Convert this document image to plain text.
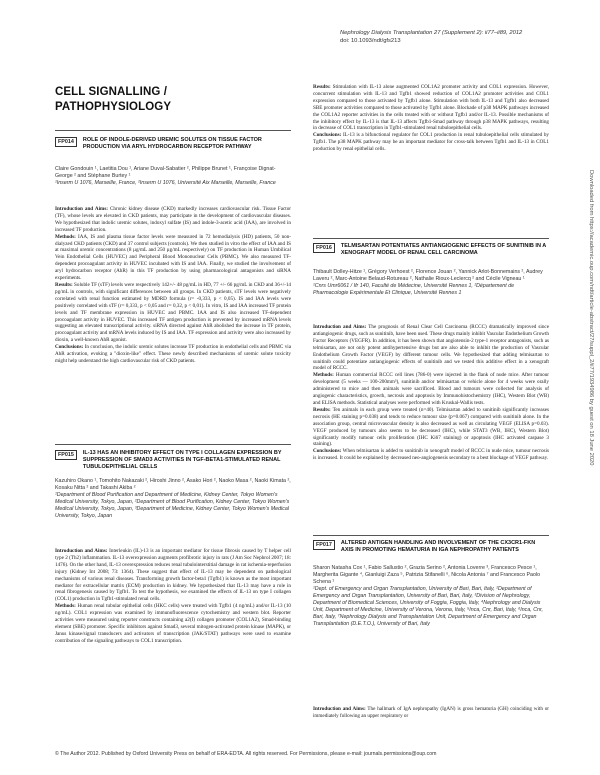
Nephrology Dialysis Transplantation 27 (Supplement 2): ii77–ii89, 2012
doi: 10.1093/ndt/gfs213
CELL SIGNALLING /
PATHOPHYSIOLOGY
FP014	ROLE OF INDOLE-DERIVED UREMIC SOLUTES ON TISSUE FACTOR PRODUCTION VIA ARYL HYDROCARBON RECEPTOR PATHWAY
Claire Gondouin ¹, Laetitia Dou ¹, Ariane Duval-Sabatier ², Philippe Brunet ¹, Françoise Dignat-George ² and Stéphane Burtey ¹
¹Inserm U 1076, Marseille, France, ²Inserm U 1076, Université Aix Marseille, Marseille, France

Introduction and Aims: Chronic kidney disease (CKD) markedly increases cardiovascular risk. Tissue Factor (TF), whose levels are elevated in CKD patients, may participate in the development of cardiovascular diseases. We hypothesized that indolic uremic solutes, indoxyl sulfate (IS) and indole-3-acetic acid (IAA), are involved in increased TF production.

Methods: IAA, IS and plasma tissue factor levels were measured in 72 hemodialysis (HD) patients, 50 non-dialyzed CKD patients (CKD) and 37 control subjects (controls). We then studied in vitro the effect of IAA and IS at maximal uremic concentrations (8 µg/mL and 250 µg/mL respectively) on TF production in Human Umbilical Vein Endothelial Cells (HUVEC) and Peripheral Blood Mononuclear Cells (PBMC). We also measured TF-dependent procoagulant activity in HUVEC incubated with IS and IAA. Finally, we studied the involvement of aryl hydrocarbon receptor (AhR) in this TF production by using pharmacological antagonists and siRNA experiments.

Results: Soluble TF (sTF) levels were respectively 142+/- 48 pg/mL in HD, 77 +/- 66 pg/mL in CKD and 36+/-14 pg/mL in controls, with significant differences between all groups. In CKD patients, sTF levels were negatively correlated with renal function estimated by MDRD formula (r= -0,333, p < 0,05). IS and IAA levels were positively correlated with sTF (r= 0,333, p < 0,05 and r= 0,32, p < 0,01). In vitro, IS and IAA increased TF protein levels and TF membrane expression in HUVEC and PBMC. IAA and IS also increased TF-dependent procoagulant activity in HUVEC. This increased TF antigen production is prevented by increased mRNA levels suggesting an elevated transcriptional activity. siRNA directed against AhR abolished the increase in TF protein, procoagulant activity and mRNA levels induced by IS and IAA. TF expression and activity were also increased by dioxin, a well-known AhR agonist.

Conclusions: In conclusion, the indolic uremic solutes increase TF production in endothelial cells and PBMC via AhR activation, evoking a "dioxin-like" effect. These newly described mechanisms of uremic solute toxicity might help understand the high cardiovascular risk of CKD patients.

FP015	IL-13 HAS AN INHIBITORY EFFECT ON TYPE I COLLAGEN EXPRESSION BY SUPPRESSION OF SMAD3 ACTIVITIES IN TGF-BETA1-STIMULATED RENAL TUBULOEPITHELIAL CELLS
Kazuhiro Okano ¹, Tomohito Nakazaki ², Hiroshi Jinno ², Asako Hori ², Naoko Masa ², Naoki Kimata ², Kosaku Nitta ² and Takashi Akiba ²
¹Department of Blood Purification and Department of Medicine, Kidney Center, Tokyo Women's Medical University, Tokyo, Japan, ²Department of Blood Purification, Kidney Center, Tokyo Women's Medical University, Tokyo, Japan, ³Department of Medicine, Kidney Center, Tokyo Women's Medical University, Tokyo, Japan

Introduction and Aims: Interleukin (IL)-13 is an important mediator for tissue fibrosis caused by T helper cell type 2 (Th2) inflammation. IL-13 overexpression augments profibrotic injury in rats (J Am Soc Nephrol 2007; 18: 1476). On the other hand, IL-13 overexpression reduces renal tubulointerstitial damage in rat ischemia-reperfusion injury (Kidney Int 2008; 73: 1364). These suggest that effect of IL-13 may be dependent on pathological mechanisms of various renal diseases. Transforming growth factor-beta1 (Tgfb1) is known as the most important mediator for extracellular matrix (ECM) production in kidney. We hypothesized that IL-13 may have a role in renal fibrogenesis caused by Tgfb1. To test the hypothesis, we examined the effects of IL-13 on type I collagen (COL1) production in Tgfb1-stimulated renal cells.

Methods: Human renal tubular epithelial cells (HKC cells) were treated with Tgfb1 (4 ng/mL) and/or IL-13 (10 ng/mL). COL1 expression was examined by immunofluorescence cytochemistry and western blot. Reporter activities were measured using reporter constructs containing a2(I) collagen promoter (COL1A2), Smad-binding element (SBE) promoter. Specific inhibitors against Smad3, several mitogen-activated protein kinase (MAPK), or Janus kinase/signal transducers and activators of transcription (JAK/STAT) pathways were used to examine contribution of the signaling pathways to COL1 transcription.

Results: Stimulation with IL-13 alone augmented COL1A2 promoter activity and COL1 expression. However, concurrent stimulation with IL-13 and Tgfb1 showed reduction of COL1A2 promoter activities and COL1 expression compared to those activated by Tgfb1 alone. Stimulation with both IL-13 and Tgfb1 also decreased SBE promoter activities compared to those activated by Tgfb1 alone. Blockade of p38 MAPK pathways increased the COL1A2 reporter activities in the cells treated with or without Tgfb1 and/or IL-13. Possible mechanisms of the inhibitory effect by IL-13 is that IL-13 affects Tgfb1-Smad pathway through p38 MAPK pathways, resulting in decrease of COL1 transcription in Tgfb1-stimulated renal tubuloepithelial cells.

Conclusions: IL-13 is a bifunctional regulator for COL1 production in renal tubuloepithelial cells stimulated by Tgfb1. The p38 MAPK pathway may be an important mediator for cross-talk between Tgfb1 and IL-13 in COL1 production by renal epithelial cells.

FP016	TELMISARTAN POTENTIATES ANTIANGIOGENIC EFFECTS OF SUNITINIB IN A XENOGRAFT MODEL OF RENAL CELL CARCINOMA
Thibault Dolley-Hitze ¹, Grégory Verhoest ², Florence Jouan ², Yannick Arlot-Bonnemains ², Audrey Laveru ², Marc-Antoine Belaud-Rotureau ², Nathalie Rioux-Leclercq ² and Cécile Vigneau ¹
¹Cnrs Umr6061 / Ifr 140, Faculté de Médecine, Université Rennes 1, ²Département de Pharmacologie Expérimentale Et Clinique, Université Rennes 1

Introduction and Aims: The prognosis of Renal Clear Cell Carcinoma (RCCC) dramatically improved since antiangiogenic drugs, such as sunitinib, have been used. These drugs mainly inhibit Vascular Endothelium Growth Factor Receptors (VEGFR). In addition, it has been shown that angiotensin-2 type-1 receptor antagonists, such as telmisartan, are not only potent antihypertensive drugs but are also able to inhibit the production of Vascular Endothelium Growth Factor (VEGF) by different tumour cells. We hypothesized that adding telmisartan to sunitinib could potentiate antiangiogenic effects of sunitinib and we tested this additive effect in a xenograft model of RCCC.

Methods: Human commercial RCCC cell lines (786-0) were injected in the flank of nude mice. After tumour development (5 weeks — 100-200mm³), sunitinib and/or telmisartan or vehicle alone for 4 weeks were orally administered to mice and then animals were sacrificed. Blood and tumours were collected for analysis of angiogenic characteristics, growth, necrosis and apoptosis by Immunohistochemistry (IHC), Western Blot (WB) and ELISA methods. Statistical analyses were performed with Kruskal-Wallis tests.

Results: Ten animals in each group were treated (n=40). Telmisartan added to sunitinib significantly increases necrosis (HE staining p=0.038) and tends to reduce tumour size (p=0.067) compared with sunitinib alone. In the association group, central microvascular density is also decreased as well as circulating VEGF (ELISA p=0.03). VEGF produced by tumours also seems to be decreased (IHC), while STAT3 (WB, IHC), Western Blot) significantly modify tumour cells proliferation (IHC Ki67 staining) or apoptosis (IHC activated caspase 3 staining).

Conclusions: When telmisartan is added to sunitinib in xenograft model of RCCC in nude mice, tumour necrosis is increased. It could be explained by decreased neo-angiogenesis secondary to a best blockage of VEGF pathway.

FP017	ALTERED ANTIGEN HANDLING AND INVOLVEMENT OF THE CX3CR1-FKN AXIS IN PROMOTING HEMATURIA IN IGA NEPHROPATHY PATIENTS
Sharon Natasha Cox ¹, Fabio Sallustio ², Grazia Serino ², Antonia Loverre ³, Francesco Pesce ¹, Margherita Gigante ⁴, Gianluigi Zaza ⁵, Patrizia Stifanelli ⁶, Nicola Antonia ⁷ and Francesco Paolo Schena ¹
¹Dept. of Emergency and Organ Transplantation, University of Bari, Bari, Italy, ²Department of Emergency and Organ Transplantation, University of Bari, Bari, Italy, ³Division of Nephrology, Department of Biomedical Sciences, University of Foggia, Foggia, Italy, ⁴Nephrology and Dialysis Unit, Department of Medicine, University of Verona, Verona, Italy, ⁵Inca, Cnr, Bari, Italy, ⁶Inca, Cnr, Bari, Italy, ⁷Nephrology Dialysis and Transplantation Unit, Department of Emergency and Organ Transplantation (D.E.T.O.), University of Bari, Italy

Introduction and Aims: The hallmark of IgA nephropathy (IgAN) is gross hematuria (GH) coinciding with or immediately following an upper respiratory or

Downloaded from https://academic.oup.com/ndt/article-abstract/27/suppl_2/ii77/1934986 by guest on 18 June 2020
© The Author 2012. Published by Oxford University Press on behalf of ERA-EDTA. All rights reserved. For Permissions, please e-mail: journals.permissions@oup.com
